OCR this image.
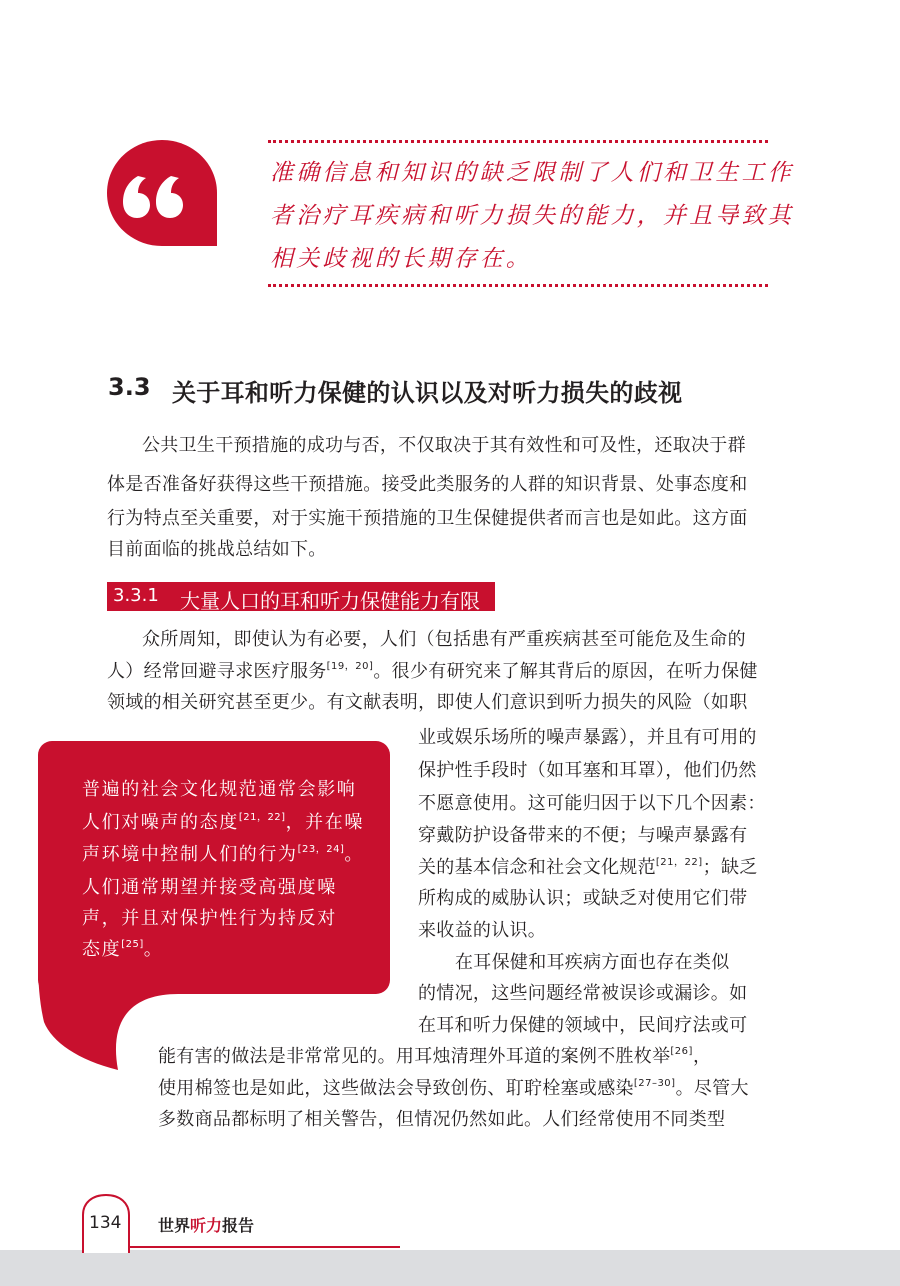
准确信息和知识的缺乏限制了人们和卫生工作
者治疗耳疾病和听力损失的能力，并且导致其
相关歧视的长期存在。
3.3 关于耳和听力保健的认识以及对听力损失的歧视
公共卫生干预措施的成功与否，不仅取决于其有效性和可及性，还取决于群
体是否准备好获得这些干预措施。接受此类服务的人群的知识背景、处事态度和
行为特点至关重要，对于实施干预措施的卫生保健提供者而言也是如此。这方面
目前面临的挑战总结如下。
3.3.1 大量人口的耳和听力保健能力有限
众所周知，即使认为有必要，人们（包括患有严重疾病甚至可能危及生命的
人）经常回避寻求医疗服务[19，20]。很少有研究来了解其背后的原因，在听力保健
领域的相关研究甚至更少。有文献表明，即使人们意识到听力损失的风险（如职
业或娱乐场所的噪声暴露），并且有可用的
保护性手段时（如耳塞和耳罩），他们仍然
不愿意使用。这可能归因于以下几个因素：
穿戴防护设备带来的不便；与噪声暴露有
关的基本信念和社会文化规范[21，22]；缺乏
所构成的威胁认识；或缺乏对使用它们带
来收益的认识。
在耳保健和耳疾病方面也存在类似
的情况，这些问题经常被误诊或漏诊。如
在耳和听力保健的领域中，民间疗法或可
能有害的做法是非常常见的。用耳烛清理外耳道的案例不胜枚举[26]，
使用棉签也是如此，这些做法会导致创伤、耵聍栓塞或感染[27–30]。尽管大
多数商品都标明了相关警告，但情况仍然如此。人们经常使用不同类型
普遍的社会文化规范通常会影响
人们对噪声的态度[21，22]，并在噪
声环境中控制人们的行为[23，24]。
人们通常期望并接受高强度噪
声，并且对保护性行为持反对
态度[25]。
134 世界听力报告
